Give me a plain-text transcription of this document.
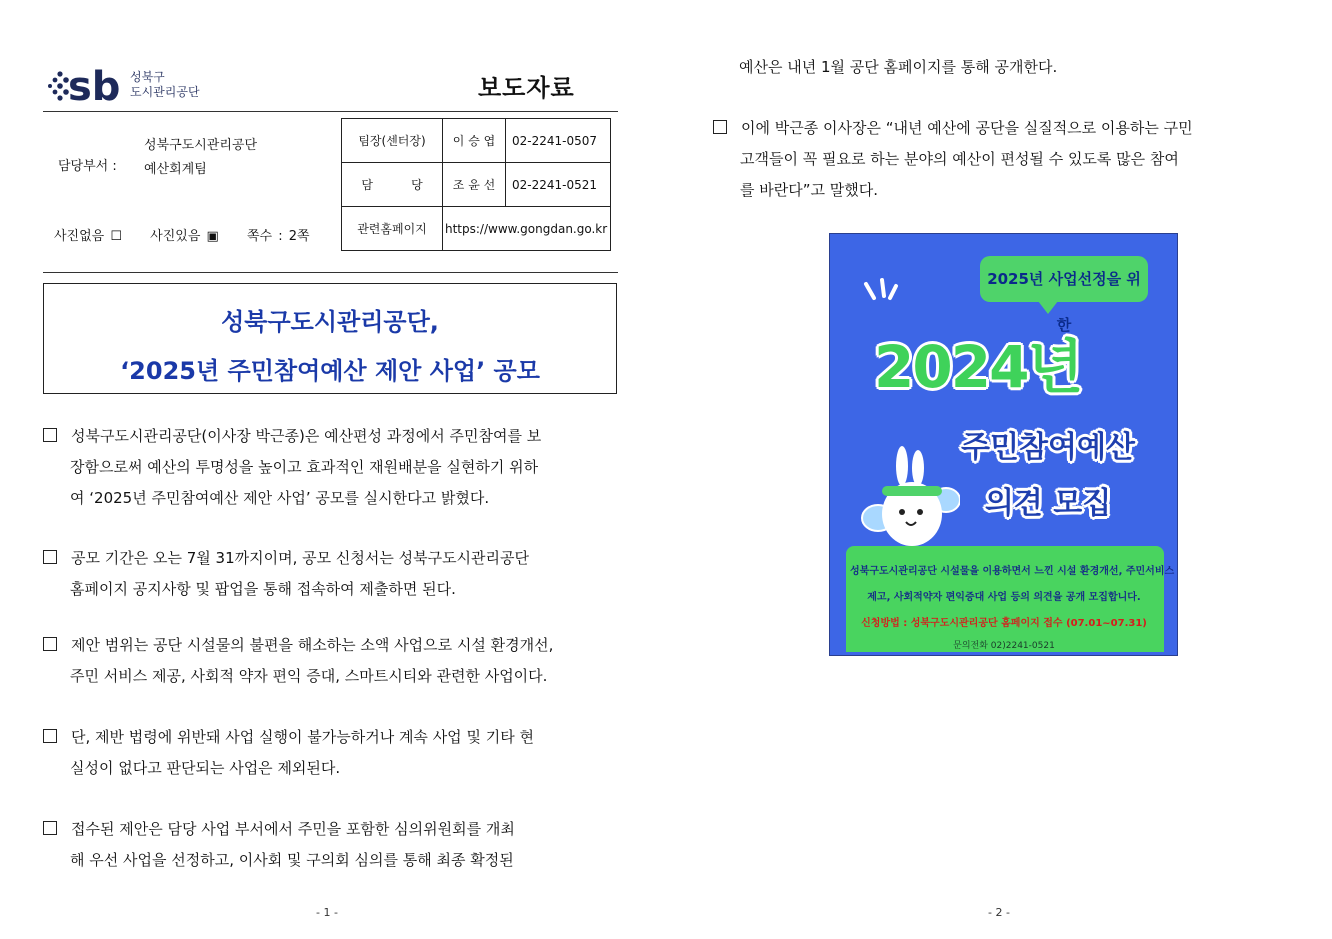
sb 성북구
도시관리공단	보도자료
담당부서 :
성북구도시관리공단
예산회계팀
사진없음 ☐ 사진있음 ▣ 쪽수 : 2쪽
팀장(센터장)	이 승 엽	02-2241-0507
담          당	조 윤 선	02-2241-0521
관련홈페이지	https://www.gongdan.go.kr	
성북구도시관리공단,
‘2025년 주민참여예산 제안 사업’ 공모
성북구도시관리공단(이사장 박근종)은 예산편성 과정에서 주민참여를 보
장함으로써 예산의 투명성을 높이고 효과적인 재원배분을 실현하기 위하
여 ‘2025년 주민참여예산 제안 사업’ 공모를 실시한다고 밝혔다.
공모 기간은 오는 7월 31까지이며, 공모 신청서는 성북구도시관리공단
홈페이지 공지사항 및 팝업을 통해 접속하여 제출하면 된다.
제안 범위는 공단 시설물의 불편을 해소하는 소액 사업으로 시설 환경개선,
주민 서비스 제공, 사회적 약자 편익 증대, 스마트시티와 관련한 사업이다.
단, 제반 법령에 위반돼 사업 실행이 불가능하거나 계속 사업 및 기타 현
실성이 없다고 판단되는 사업은 제외된다.
접수된 제안은 담당 사업 부서에서 주민을 포함한 심의위원회를 개최
해 우선 사업을 선정하고, 이사회 및 구의회 심의를 통해 최종 확정된
- 1 -
예산은 내년 1월 공단 홈페이지를 통해 공개한다.
이에 박근종 이사장은 “내년 예산에 공단을 실질적으로 이용하는 구민
고객들이 꼭 필요로 하는 분야의 예산이 편성될 수 있도록 많은 참여
를 바란다”고 말했다.
2025년 사업선정을 위한
2024년
주민참여예산
의견 모집
성북구도시관리공단 시설물을 이용하면서 느낀 시설 환경개선, 주민서비스
제고, 사회적약자 편익증대 사업 등의 의견을 공개 모집합니다.
신청방법 : 성북구도시관리공단 홈페이지 접수 (07.01~07.31)
문의전화 02)2241-0521
- 2 -
